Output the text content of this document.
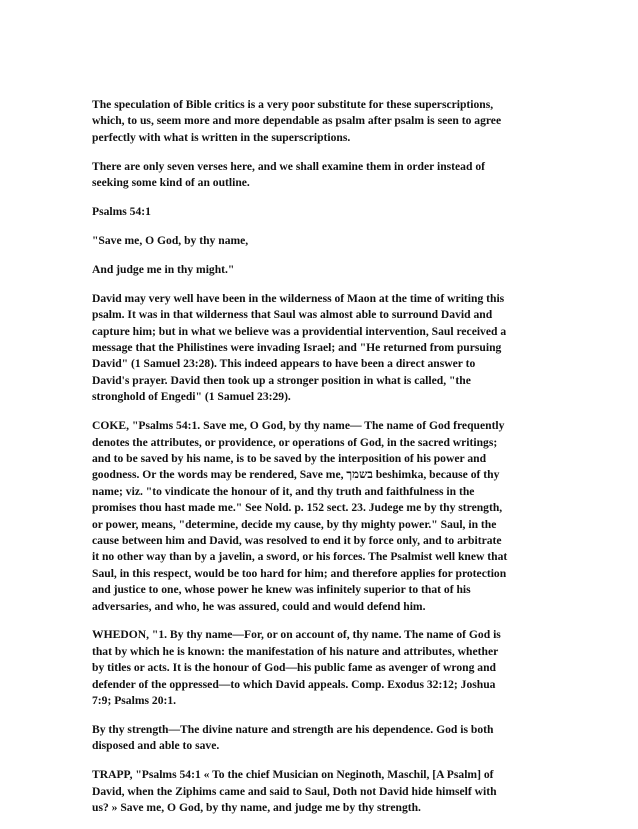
The speculation of Bible critics is a very poor substitute for these superscriptions,
which, to us, seem more and more dependable as psalm after psalm is seen to agree
perfectly with what is written in the superscriptions.

There are only seven verses here, and we shall examine them in order instead of
seeking some kind of an outline.

Psalms 54:1

"Save me, O God, by thy name,

And judge me in thy might."

David may very well have been in the wilderness of Maon at the time of writing this
psalm. It was in that wilderness that Saul was almost able to surround David and
capture him; but in what we believe was a providential intervention, Saul received a
message that the Philistines were invading Israel; and "He returned from pursuing
David" (1 Samuel 23:28). This indeed appears to have been a direct answer to
David's prayer. David then took up a stronger position in what is called, "the
stronghold of Engedi" (1 Samuel 23:29).

COKE, "Psalms 54:1. Save me, O God, by thy name— The name of God frequently
denotes the attributes, or providence, or operations of God, in the sacred writings;
and to be saved by his name, is to be saved by the interposition of his power and
goodness. Or the words may be rendered, Save me, בשמך beshimka, because of thy
name; viz. "to vindicate the honour of it, and thy truth and faithfulness in the
promises thou hast made me." See Nold. p. 152 sect. 23. Judege me by thy strength,
or power, means, "determine, decide my cause, by thy mighty power." Saul, in the
cause between him and David, was resolved to end it by force only, and to arbitrate
it no other way than by a javelin, a sword, or his forces. The Psalmist well knew that
Saul, in this respect, would be too hard for him; and therefore applies for protection
and justice to one, whose power he knew was infinitely superior to that of his
adversaries, and who, he was assured, could and would defend him.

WHEDON, "1. By thy name—For, or on account of, thy name. The name of God is
that by which he is known: the manifestation of his nature and attributes, whether
by titles or acts. It is the honour of God—his public fame as avenger of wrong and
defender of the oppressed—to which David appeals. Comp. Exodus 32:12; Joshua
7:9; Psalms 20:1.

By thy strength—The divine nature and strength are his dependence. God is both
disposed and able to save.

TRAPP, "Psalms 54:1 « To the chief Musician on Neginoth, Maschil, [A Psalm] of
David, when the Ziphims came and said to Saul, Doth not David hide himself with
us? » Save me, O God, by thy name, and judge me by thy strength.
